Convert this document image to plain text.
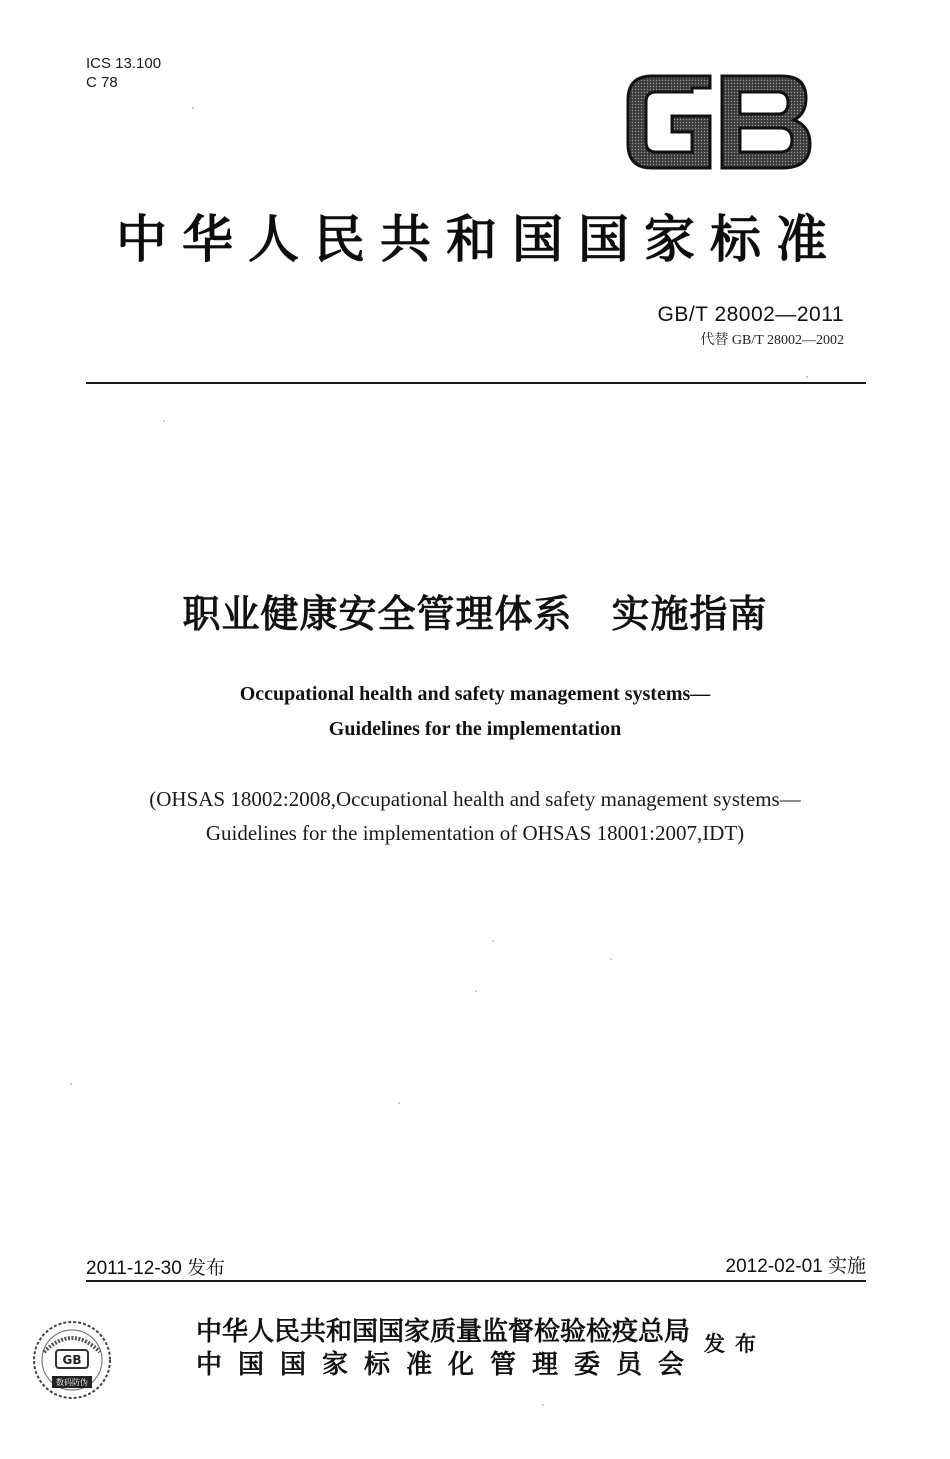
ICS 13.100
C 78
中华人民共和国国家标准
GB/T 28002—2011
代替 GB/T 28002—2002
职业健康安全管理体系　实施指南
Occupational health and safety management systems—
Guidelines for the implementation
(OHSAS 18002:2008,Occupational health and safety management systems—
Guidelines for the implementation of OHSAS 18001:2007,IDT)
2011-12-30 发布	2012-02-01 实施
GB
数码防伪
中华人民共和国国家质量监督检验检疫总局
中国国家标准化管理委员会
发布
